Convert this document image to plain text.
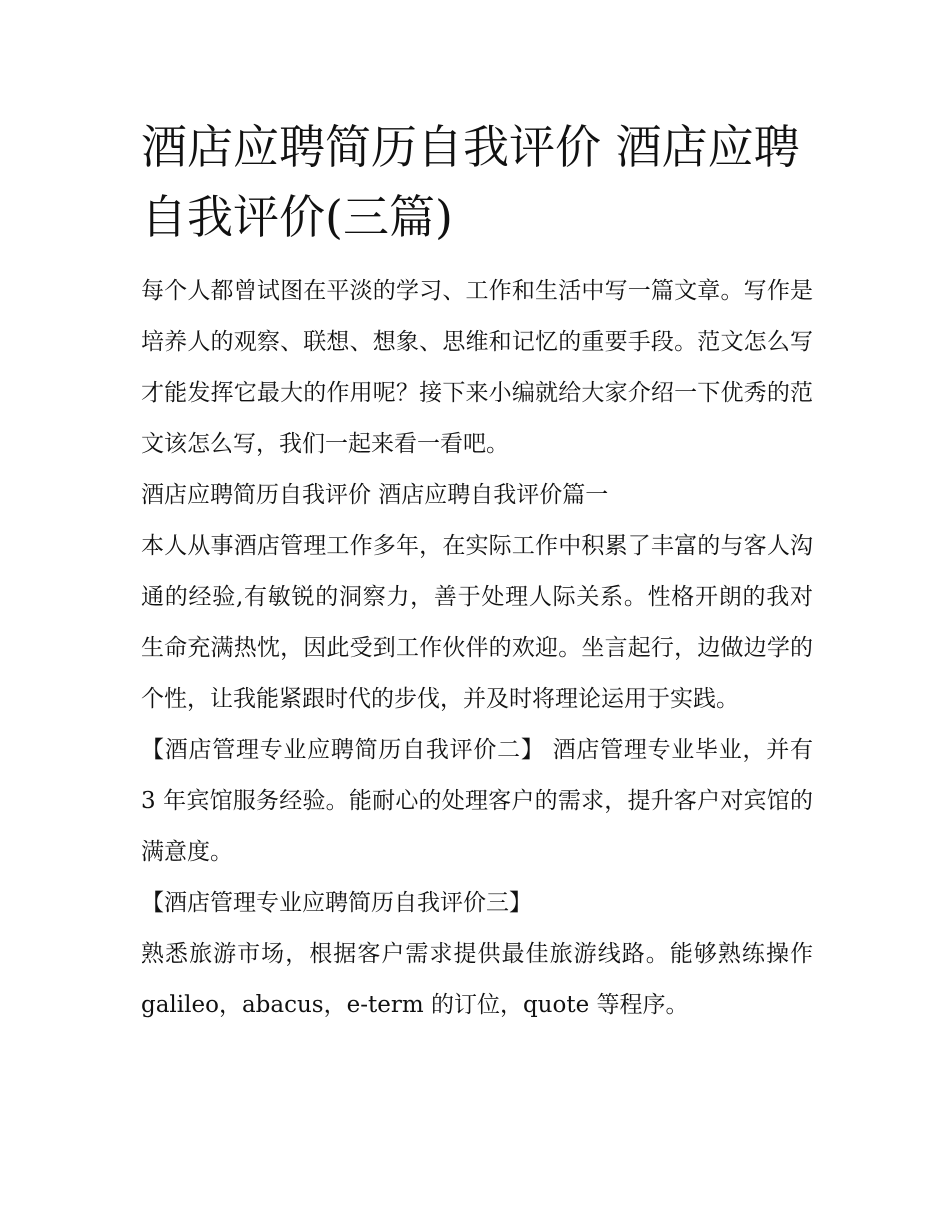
酒店应聘简历自我评价 酒店应聘自我评价(三篇)

每个人都曾试图在平淡的学习、工作和生活中写一篇文章。写作是培养人的观察、联想、想象、思维和记忆的重要手段。范文怎么写才能发挥它最大的作用呢？接下来小编就给大家介绍一下优秀的范文该怎么写，我们一起来看一看吧。

酒店应聘简历自我评价 酒店应聘自我评价篇一

本人从事酒店管理工作多年，在实际工作中积累了丰富的与客人沟通的经验,有敏锐的洞察力，善于处理人际关系。性格开朗的我对生命充满热忱，因此受到工作伙伴的欢迎。坐言起行，边做边学的个性，让我能紧跟时代的步伐，并及时将理论运用于实践。

【酒店管理专业应聘简历自我评价二】 酒店管理专业毕业，并有 3 年宾馆服务经验。能耐心的处理客户的需求，提升客户对宾馆的满意度。

【酒店管理专业应聘简历自我评价三】

熟悉旅游市场，根据客户需求提供最佳旅游线路。能够熟练操作 galileo，abacus，e-term 的订位，quote 等程序。
